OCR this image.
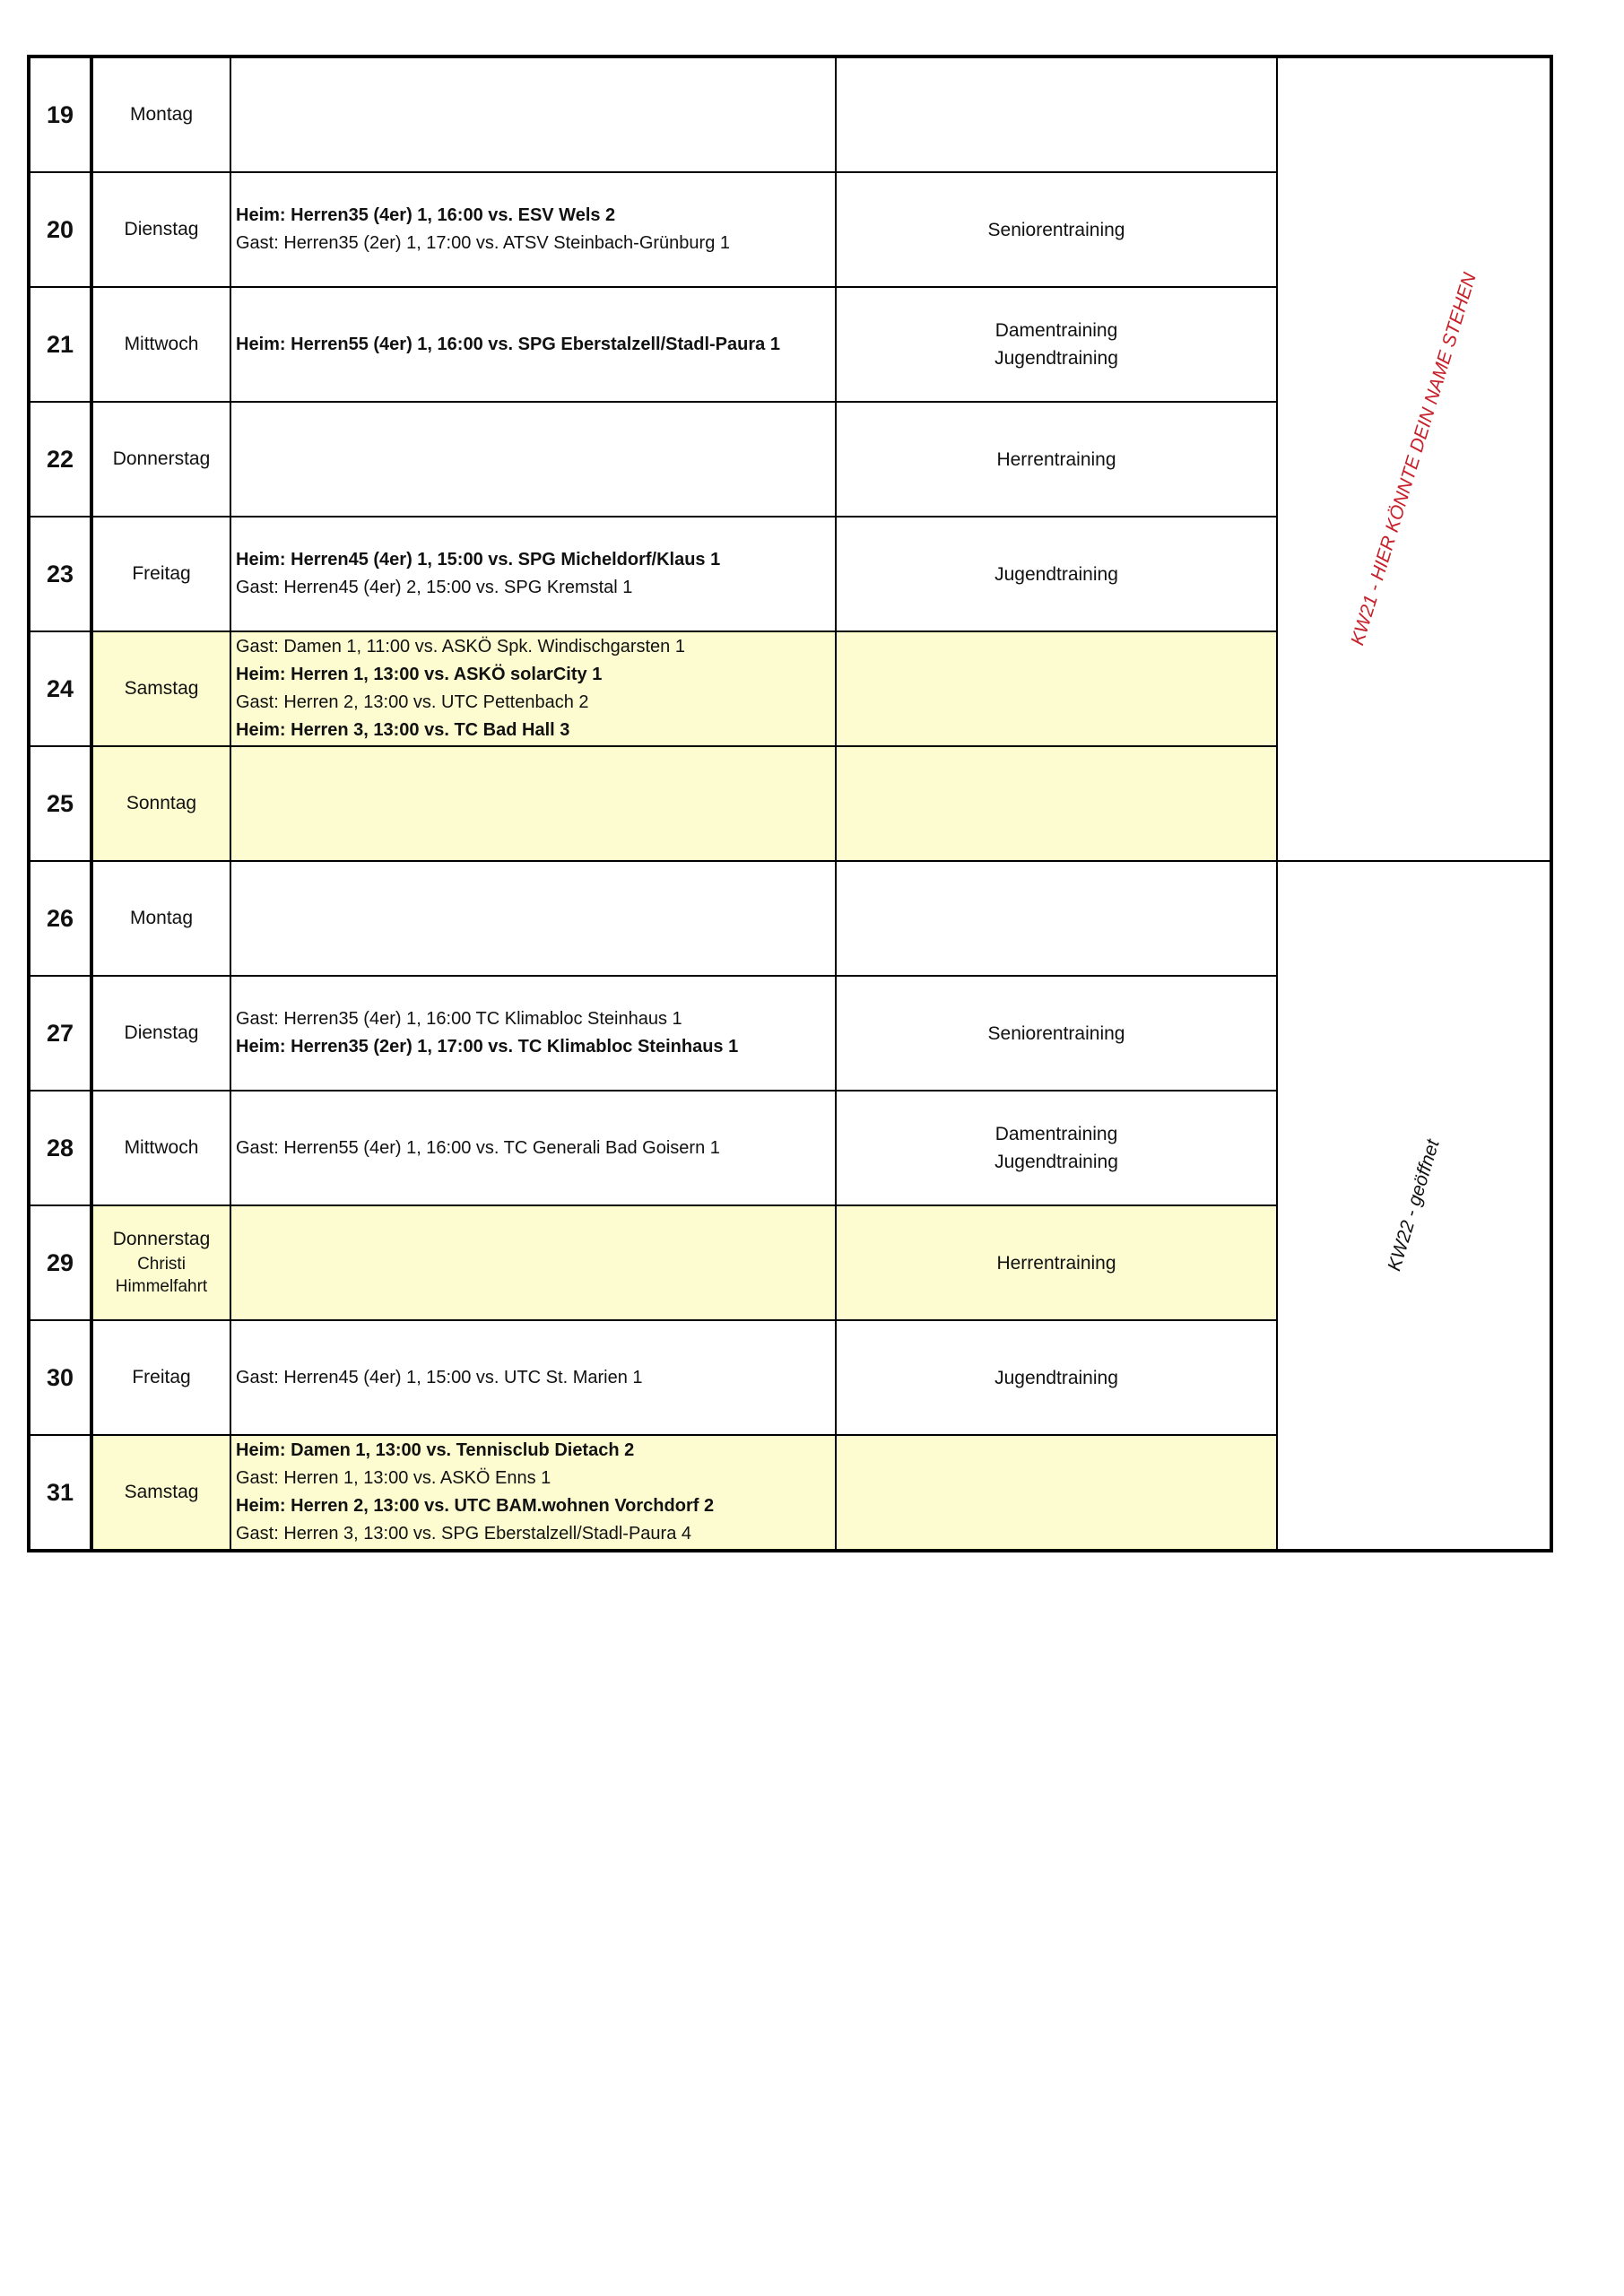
19	Montag			KW21 - HIER KÖNNTE DEIN NAME STEHEN

20	Dienstag	Heim: Herren35 (4er) 1, 16:00 vs. ESV Wels 2
Gast: Herren35 (2er) 1, 17:00 vs. ATSV Steinbach-Grünburg 1	Seniorentraining	

21	Mittwoch	Heim: Herren55 (4er) 1, 16:00 vs. SPG Eberstalzell/Stadl-Paura 1	Damentraining
Jugendtraining	

22	Donnerstag		Herrentraining	

23	Freitag	Heim: Herren45 (4er) 1, 15:00 vs. SPG Micheldorf/Klaus 1
Gast: Herren45 (4er) 2, 15:00 vs. SPG Kremstal 1	Jugendtraining	

24	Samstag	Gast: Damen 1, 11:00 vs. ASKÖ Spk. Windischgarsten 1
Heim: Herren 1, 13:00 vs. ASKÖ solarCity 1
Gast: Herren 2, 13:00 vs. UTC Pettenbach 2
Heim: Herren 3, 13:00 vs. TC Bad Hall 3		

25	Sonntag			

26	Montag			KW22 - geöffnet

27	Dienstag	Gast: Herren35 (4er) 1, 16:00 TC Klimabloc Steinhaus 1
Heim: Herren35 (2er) 1, 17:00 vs. TC Klimabloc Steinhaus 1	Seniorentraining	

28	Mittwoch	Gast: Herren55 (4er) 1, 16:00 vs. TC Generali Bad Goisern 1	Damentraining
Jugendtraining	

29	Donnerstag
Christi
Himmelfahrt		Herrentraining	

30	Freitag	Gast: Herren45 (4er) 1, 15:00 vs. UTC St. Marien 1	Jugendtraining	

31	Samstag	Heim: Damen 1, 13:00 vs. Tennisclub Dietach 2
Gast: Herren 1, 13:00 vs. ASKÖ Enns 1
Heim: Herren 2, 13:00 vs. UTC BAM.wohnen Vorchdorf 2
Gast: Herren 3, 13:00 vs. SPG Eberstalzell/Stadl-Paura 4		
